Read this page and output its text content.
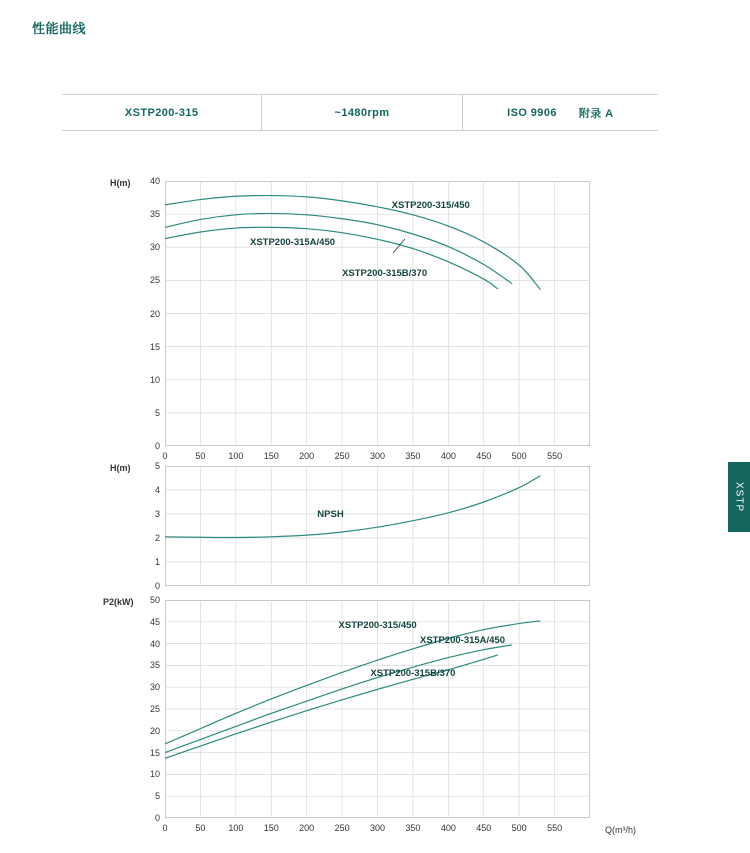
性能曲线
XSTP200-315	~1480rpm	ISO 9906 附录 A
XSTP
H(m)
H(m)
P2(kW)
Q(m³/h)
0
5
10
15
20
25
30
35
40
0	50	100	150	200	250	300	350	400	450	500	550
XSTP200-315/450
XSTP200-315A/450
XSTP200-315B/370
0
1
2
3
4
5
NPSH
0
5
10
15
20
25
30
35
40
45
50
0	50	100	150	200	250	300	350	400	450	500	550
XSTP200-315/450
XSTP200-315A/450
XSTP200-315B/370
